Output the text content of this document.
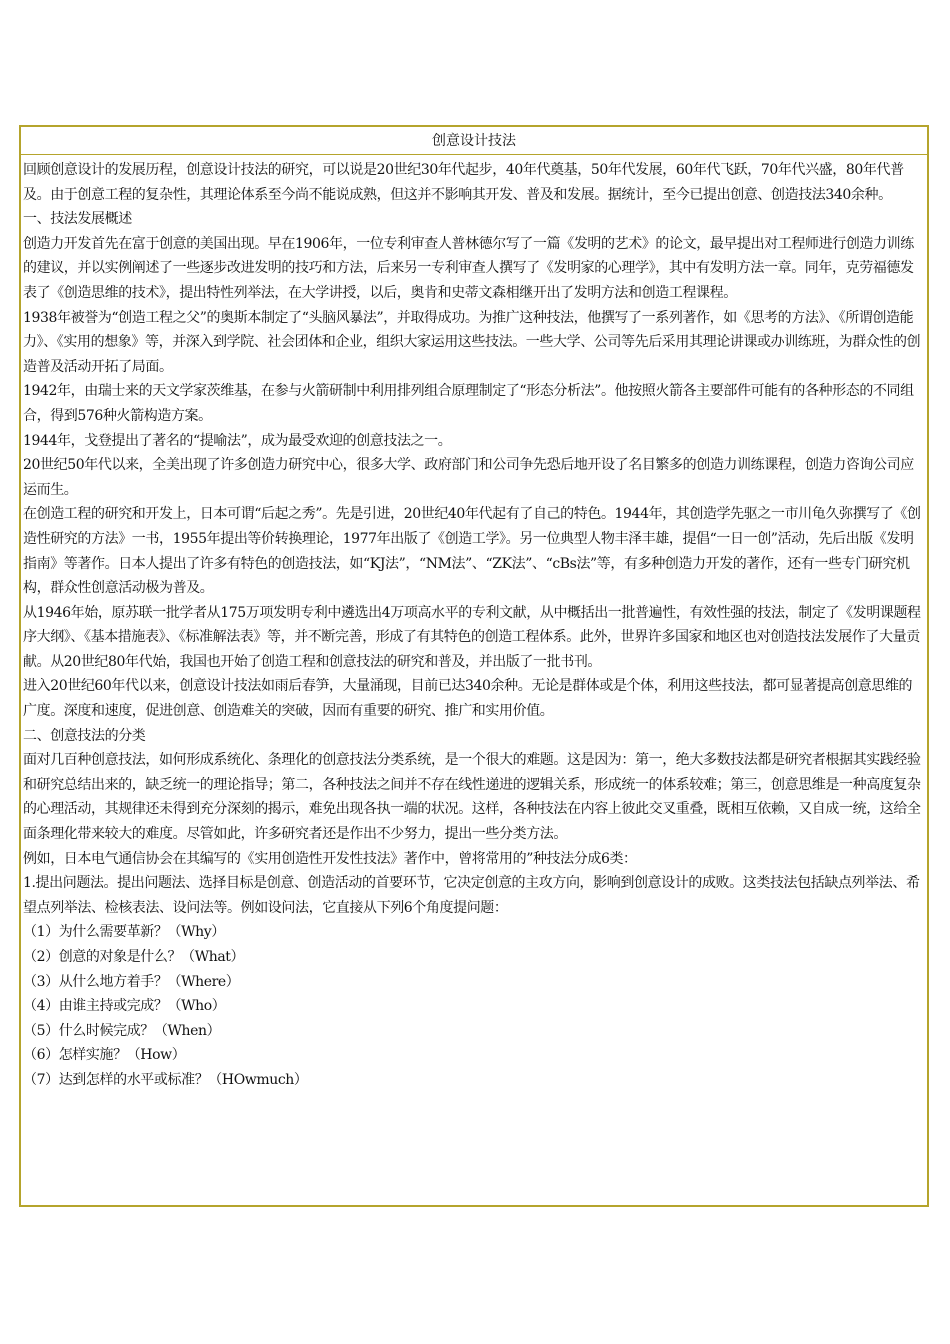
创意设计技法

回顾创意设计的发展历程，创意设计技法的研究，可以说是20世纪30年代起步，40年代奠基，50年代发展，60年代飞跃，70年代兴盛，80年代普及。由于创意工程的复杂性，其理论体系至今尚不能说成熟，但这并不影响其开发、普及和发展。据统计，至今已提出创意、创造技法340余种。

一、技法发展概述

创造力开发首先在富于创意的美国出现。早在1906年，一位专利审查人普林德尔写了一篇《发明的艺术》的论文，最早提出对工程师进行创造力训练的建议，并以实例阐述了一些逐步改进发明的技巧和方法，后来另一专利审查人撰写了《发明家的心理学》，其中有发明方法一章。同年，克劳福德发表了《创造思维的技术》，提出特性列举法，在大学讲授，以后，奥肯和史蒂文森相继开出了发明方法和创造工程课程。

1938年被誉为“创造工程之父”的奥斯本制定了“头脑风暴法”，并取得成功。为推广这种技法，他撰写了一系列著作，如《思考的方法》、《所谓创造能力》、《实用的想象》等，并深入到学院、社会团体和企业，组织大家运用这些技法。一些大学、公司等先后采用其理论讲课或办训练班，为群众性的创造普及活动开拓了局面。

1942年，由瑞士来的天文学家茨维基，在参与火箭研制中利用排列组合原理制定了“形态分析法”。他按照火箭各主要部件可能有的各种形态的不同组合，得到576种火箭构造方案。

1944年，戈登提出了著名的“提喻法”，成为最受欢迎的创意技法之一。

20世纪50年代以来，全美出现了许多创造力研究中心，很多大学、政府部门和公司争先恐后地开设了名目繁多的创造力训练课程，创造力咨询公司应运而生。

在创造工程的研究和开发上，日本可谓“后起之秀”。先是引进，20世纪40年代起有了自己的特色。1944年，其创造学先驱之一市川龟久弥撰写了《创造性研究的方法》一书，1955年提出等价转换理论，1977年出版了《创造工学》。另一位典型人物丰泽丰雄，提倡“一日一创”活动，先后出版《发明指南》等著作。日本人提出了许多有特色的创造技法，如“KJ法”，“NM法”、“ZK法”、“cBs法”等，有多种创造力开发的著作，还有一些专门研究机构，群众性创意活动极为普及。

从1946年始，原苏联一批学者从175万项发明专利中遴选出4万项高水平的专利文献，从中概括出一批普遍性，有效性强的技法，制定了《发明课题程序大纲》、《基本措施表》、《标准解法表》等，并不断完善，形成了有其特色的创造工程体系。此外，世界许多国家和地区也对创造技法发展作了大量贡献。从20世纪80年代始，我国也开始了创造工程和创意技法的研究和普及，并出版了一批书刊。

进入20世纪60年代以来，创意设计技法如雨后春笋，大量涌现，目前已达340余种。无论是群体或是个体，利用这些技法，都可显著提高创意思维的广度。深度和速度，促进创意、创造难关的突破，因而有重要的研究、推广和实用价值。

二、创意技法的分类

面对几百种创意技法，如何形成系统化、条理化的创意技法分类系统，是一个很大的难题。这是因为：第一，绝大多数技法都是研究者根据其实践经验和研究总结出来的，缺乏统一的理论指导；第二，各种技法之间并不存在线性递进的逻辑关系，形成统一的体系较难；第三，创意思维是一种高度复杂的心理活动，其规律还未得到充分深刻的揭示，难免出现各执一端的状况。这样，各种技法在内容上彼此交叉重叠，既相互依赖，又自成一统，这给全面条理化带来较大的难度。尽管如此，许多研究者还是作出不少努力，提出一些分类方法。

例如，日本电气通信协会在其编写的《实用创造性开发性技法》著作中，曾将常用的”种技法分成6类：

1.提出问题法。提出问题法、选择目标是创意、创造活动的首要环节，它决定创意的主攻方向，影响到创意设计的成败。这类技法包括缺点列举法、希望点列举法、检核表法、设问法等。例如设问法，它直接从下列6个角度提问题：

（1）为什么需要革新？（Why）

（2）创意的对象是什么？（What）

（3）从什么地方着手？（Where）

（4）由谁主持或完成？（Who）

（5）什么时候完成？（When）

（6）怎样实施？（How）

（7）达到怎样的水平或标准？（HOwmuch）
